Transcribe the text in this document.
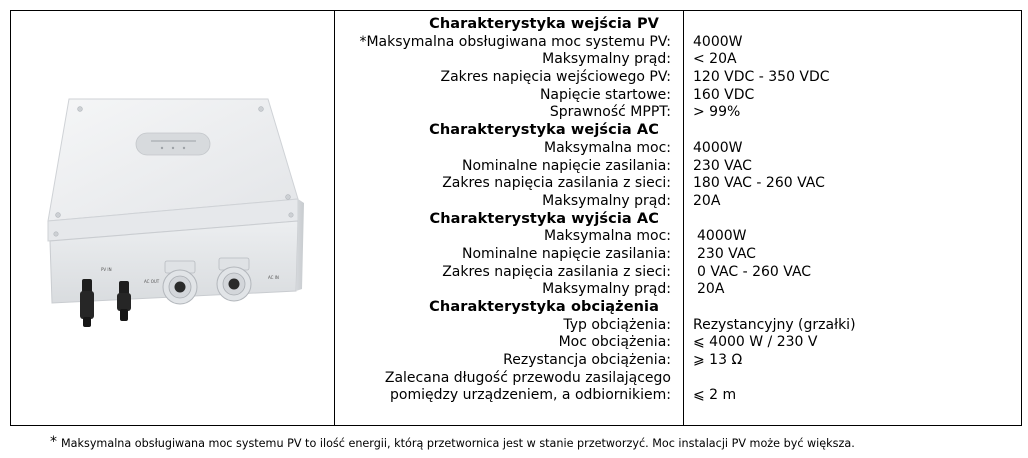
PV IN
AC OUT
AC IN
Charakterystyka wejścia PV
*Maksymalna obsługiwana moc systemu PV:
Maksymalny prąd:
Zakres napięcia wejściowego PV:
Napięcie startowe:
Sprawność MPPT:
Charakterystyka wejścia AC
Maksymalna moc:
Nominalne napięcie zasilania:
Zakres napięcia zasilania z sieci:
Maksymalny prąd:
Charakterystyka wyjścia AC
Maksymalna moc:
Nominalne napięcie zasilania:
Zakres napięcia zasilania z sieci:
Maksymalny prąd:
Charakterystyka obciążenia
Typ obciążenia:
Moc obciążenia:
Rezystancja obciążenia:
Zalecana długość przewodu zasilającego
pomiędzy urządzeniem, a odbiornikiem:
4000W
< 20A
120 VDC - 350 VDC
160 VDC
> 99%
4000W
230 VAC
180 VAC - 260 VAC
20A
4000W
230 VAC
0 VAC - 260 VAC
20A
Rezystancyjny (grzałki)
⩽ 4000 W / 230 V
⩾ 13 Ω
⩽ 2 m
* Maksymalna obsługiwana moc systemu PV to ilość energii, którą przetwornica jest w stanie przetworzyć. Moc instalacji PV może być większa.
